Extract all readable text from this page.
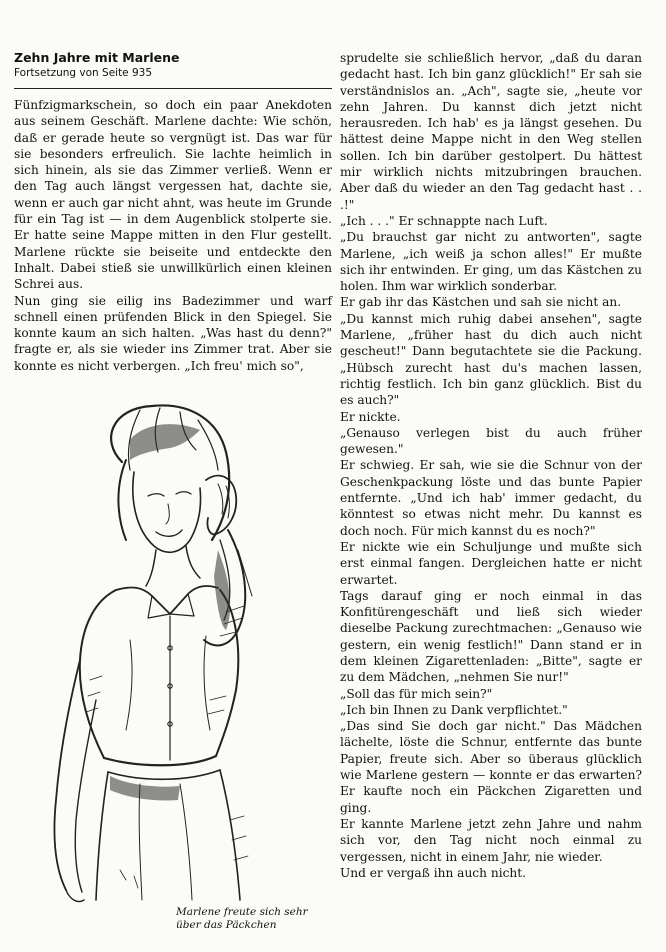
Zehn Jahre mit Marlene

Fortsetzung von Seite 935

Fünfzigmarkschein, so doch ein paar Anekdoten aus seinem Geschäft. Marlene dachte: Wie schön, daß er gerade heute so vergnügt ist. Das war für sie besonders erfreulich. Sie lachte heimlich in sich hinein, als sie das Zimmer verließ. Wenn er den Tag auch längst vergessen hat, dachte sie, wenn er auch gar nicht ahnt, was heute im Grunde für ein Tag ist — in dem Augenblick stolperte sie. Er hatte seine Mappe mitten in den Flur gestellt. Marlene rückte sie beiseite und entdeckte den Inhalt. Dabei stieß sie unwillkürlich einen kleinen Schrei aus.

Nun ging sie eilig ins Badezimmer und warf schnell einen prüfenden Blick in den Spiegel. Sie konnte kaum an sich halten. „Was hast du denn?" fragte er, als sie wieder ins Zimmer trat. Aber sie konnte es nicht verbergen. „Ich freu' mich so",

Marlene freute sich sehr über das Päckchen

sprudelte sie schließlich hervor, „daß du daran gedacht hast. Ich bin ganz glücklich!" Er sah sie verständnislos an. „Ach", sagte sie, „heute vor zehn Jahren. Du kannst dich jetzt nicht herausreden. Ich hab' es ja längst gesehen. Du hättest deine Mappe nicht in den Weg stellen sollen. Ich bin darüber gestolpert. Du hättest mir wirklich nichts mitzubringen brauchen. Aber daß du wieder an den Tag gedacht hast . . .!"

„Ich . . ." Er schnappte nach Luft.

„Du brauchst gar nicht zu antworten", sagte Marlene, „ich weiß ja schon alles!" Er mußte sich ihr entwinden. Er ging, um das Kästchen zu holen. Ihm war wirklich sonderbar.

Er gab ihr das Kästchen und sah sie nicht an.

„Du kannst mich ruhig dabei ansehen", sagte Marlene, „früher hast du dich auch nicht gescheut!" Dann begutachtete sie die Packung. „Hübsch zurecht hast du's machen lassen, richtig festlich. Ich bin ganz glücklich. Bist du es auch?"

Er nickte.

„Genauso verlegen bist du auch früher gewesen."

Er schwieg. Er sah, wie sie die Schnur von der Geschenkpackung löste und das bunte Papier entfernte. „Und ich hab' immer gedacht, du könntest so etwas nicht mehr. Du kannst es doch noch. Für mich kannst du es noch?"

Er nickte wie ein Schuljunge und mußte sich erst einmal fangen. Dergleichen hatte er nicht erwartet.

Tags darauf ging er noch einmal in das Konfitürengeschäft und ließ sich wieder dieselbe Packung zurechtmachen: „Genauso wie gestern, ein wenig festlich!" Dann stand er in dem kleinen Zigarettenladen: „Bitte", sagte er zu dem Mädchen, „nehmen Sie nur!"

„Soll das für mich sein?"

„Ich bin Ihnen zu Dank verpflichtet."

„Das sind Sie doch gar nicht." Das Mädchen lächelte, löste die Schnur, entfernte das bunte Papier, freute sich. Aber so überaus glücklich wie Marlene gestern — konnte er das erwarten? Er kaufte noch ein Päckchen Zigaretten und ging.

Er kannte Marlene jetzt zehn Jahre und nahm sich vor, den Tag nicht noch einmal zu vergessen, nicht in einem Jahr, nie wieder.

Und er vergaß ihn auch nicht.
